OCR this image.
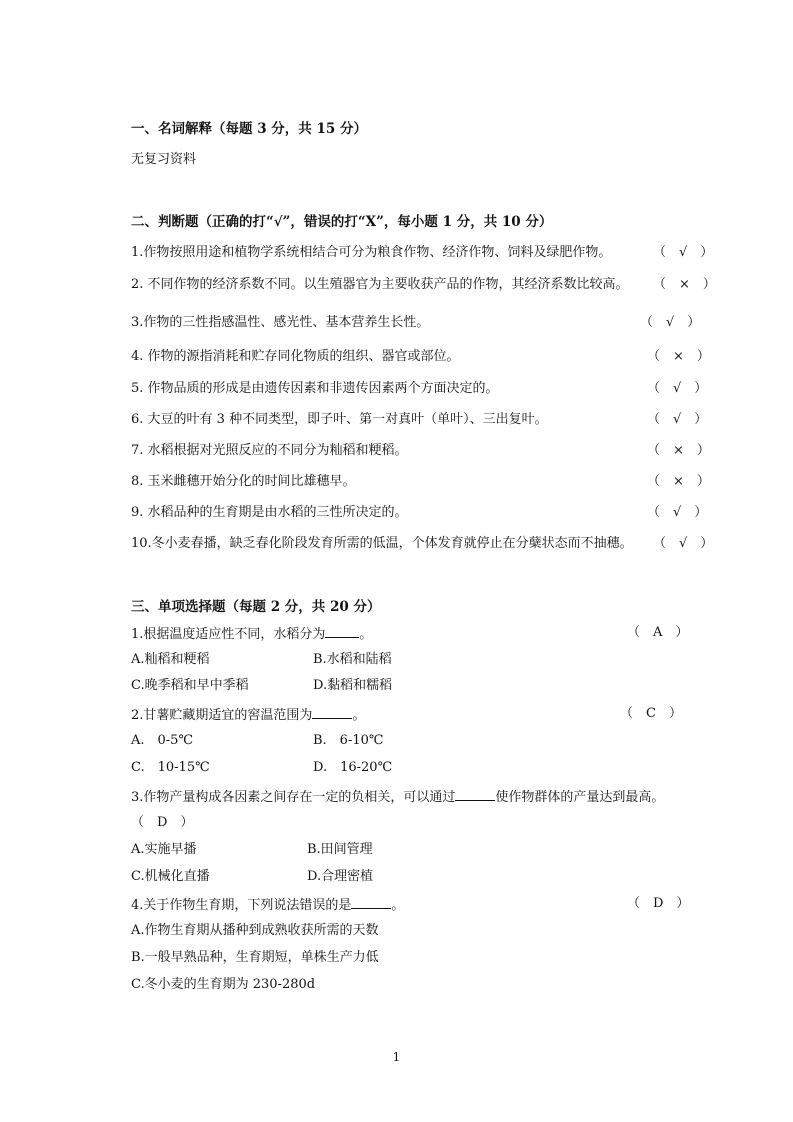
一、名词解释（每题 3 分，共 15 分）
无复习资料
二、判断题（正确的打“√”，错误的打“X”，每小题 1 分，共 10 分）
1.作物按照用途和植物学系统相结合可分为粮食作物、经济作物、饲料及绿肥作物。	（　√　）
2. 不同作物的经济系数不同。以生殖器官为主要收获产品的作物，其经济系数比较高。 （　×　）
3.作物的三性指感温性、感光性、基本营养生长性。	（　√　）
4. 作物的源指消耗和贮存同化物质的组织、器官或部位。	（　×　）
5. 作物品质的形成是由遗传因素和非遗传因素两个方面决定的。	（　√　）
6. 大豆的叶有 3 种不同类型，即子叶、第一对真叶（单叶）、三出复叶。	（　√　）
7. 水稻根据对光照反应的不同分为籼稻和粳稻。	（　×　）
8. 玉米雌穗开始分化的时间比雄穗早。	（　×　）
9. 水稻品种的生育期是由水稻的三性所决定的。	（　√　）
10.冬小麦春播，缺乏春化阶段发育所需的低温，个体发育就停止在分蘖状态而不抽穗。 （　√　）
三、单项选择题（每题 2 分，共 20 分）
1.根据温度适应性不同，水稻分为	。	（　A　）
A.籼稻和粳稻	B.水稻和陆稻
C.晚季稻和早中季稻	D.黏稻和糯稻
2.甘薯贮藏期适宜的窖温范围为	。	（　C　）
A.　0-5℃	B.　6-10℃
C.　10-15℃	D.　16-20℃
3.作物产量构成各因素之间存在一定的负相关，可以通过	使作物群体的产量达到最高。
（　D　）
A.实施早播	B.田间管理
C.机械化直播	D.合理密植
4.关于作物生育期，下列说法错误的是	。	（　D　）
A.作物生育期从播种到成熟收获所需的天数
B.一般早熟品种，生育期短，单株生产力低
C.冬小麦的生育期为 230-280d
1
